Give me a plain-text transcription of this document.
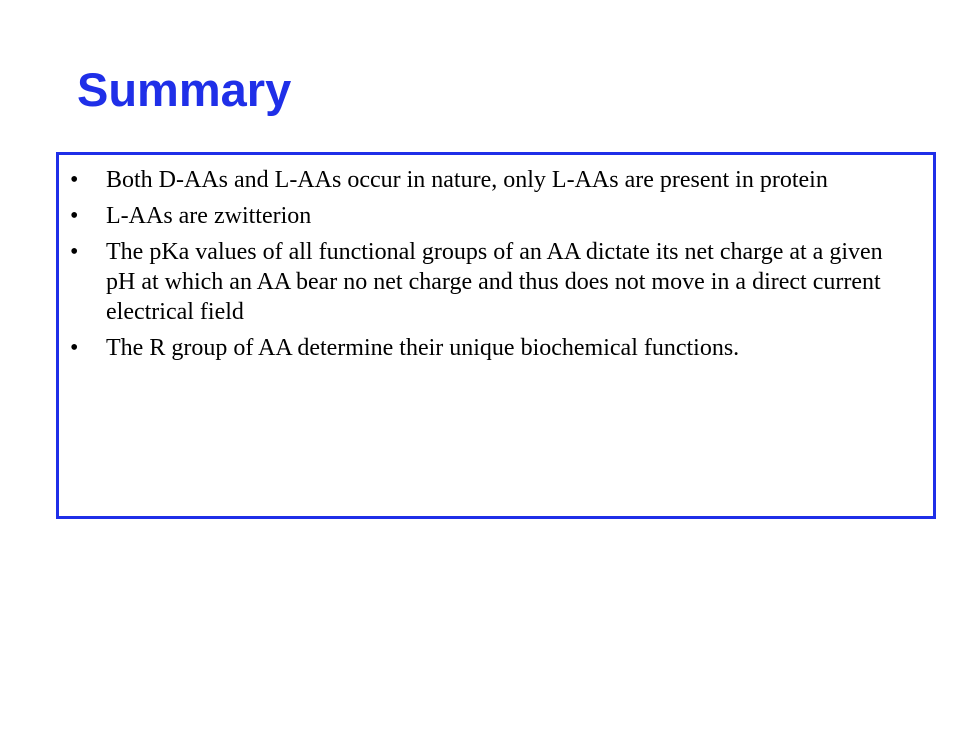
Summary
• Both D-AAs and L-AAs occur in nature, only L-AAs are present in protein
• L-AAs are zwitterion
• The pKa values of all functional groups of an AA dictate its net charge at a given pH at which an AA bear no net charge and thus does not move in a direct current electrical field
• The R group of AA determine their unique biochemical functions.
